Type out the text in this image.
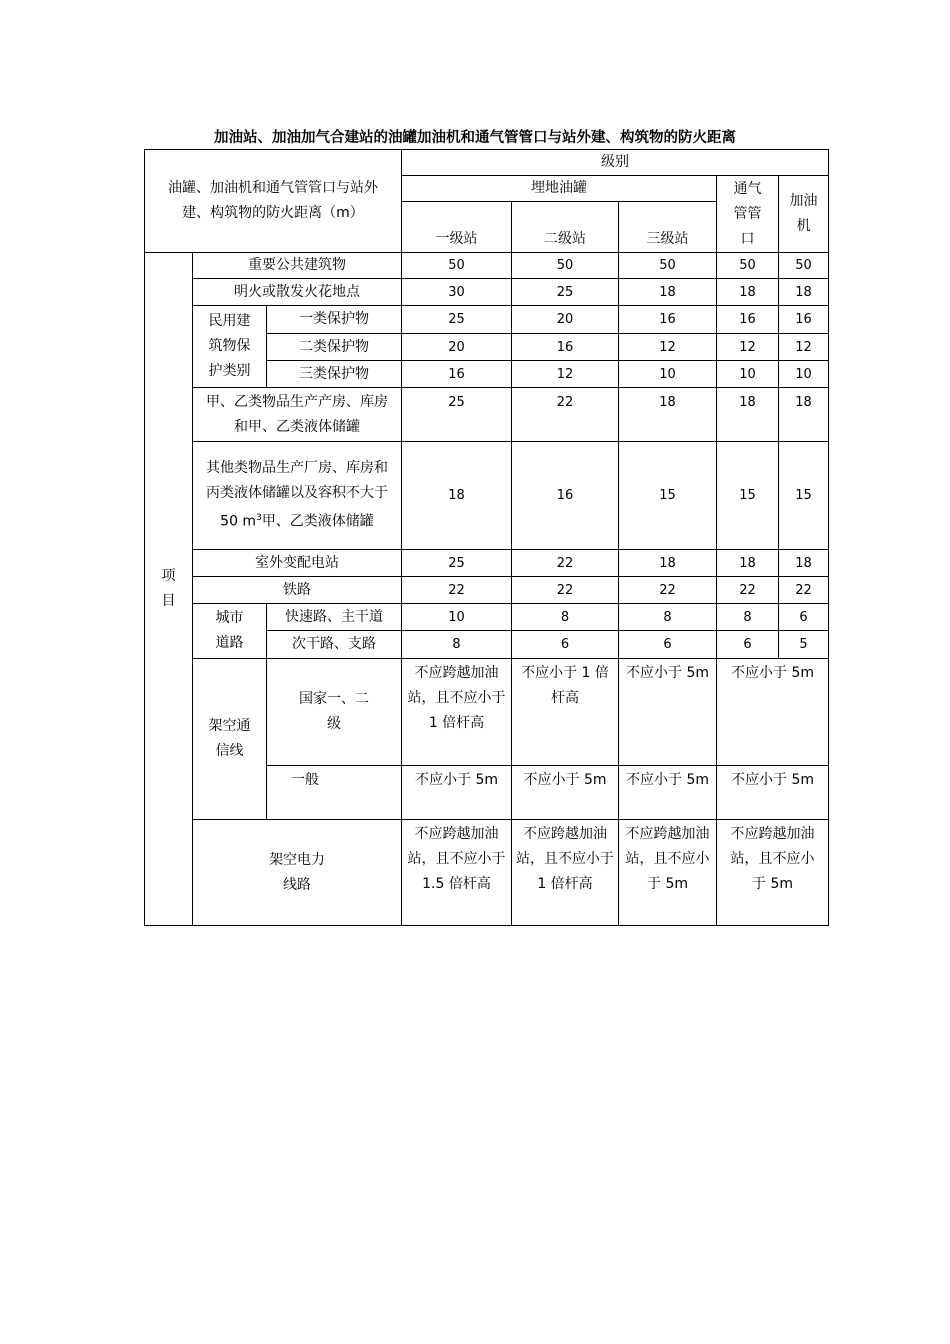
加油站、加油加气合建站的油罐加油机和通气管管口与站外建、构筑物的防火距离
油罐、加油机和通气管管口与站外建、构筑物的防火距离（m）			级别				
			埋地油罐			通气管管口	加油机
			一级站	二级站	三级站		
项目	重要公共建筑物		50	50	50	50	50
	明火或散发火花地点		30	25	18	18	18
	民用建筑物保护类别	一类保护物	25	20	16	16	16
		二类保护物	20	16	12	12	12
		三类保护物	16	12	10	10	10
	甲、乙类物品生产产房、库房和甲、乙类液体储罐		25	22	18	18	18
	其他类物品生产厂房、库房和丙类液体储罐以及容积不大于50 $m^3$甲、乙类液体储罐		18	16	15	15	15
	室外变配电站		25	22	18	18	18
	铁路		22	22	22	22	22
	城市道路	快速路、主干道	10	8	8	8	6
		次干路、支路	8	6	6	6	5
	架空通信线	国家一、二级	不应跨越加油站，且不应小于 1 倍杆高	不应小于 1 倍杆高	不应小于 5m	不应小于 5m	
		一般	不应小于 5m	不应小于 5m	不应小于 5m	不应小于 5m	
	架空电力线路		不应跨越加油站，且不应小于 1.5 倍杆高	不应跨越加油站，且不应小于 1 倍杆高	不应跨越加油站，且不应小于 5m	不应跨越加油站，且不应小于 5m	
